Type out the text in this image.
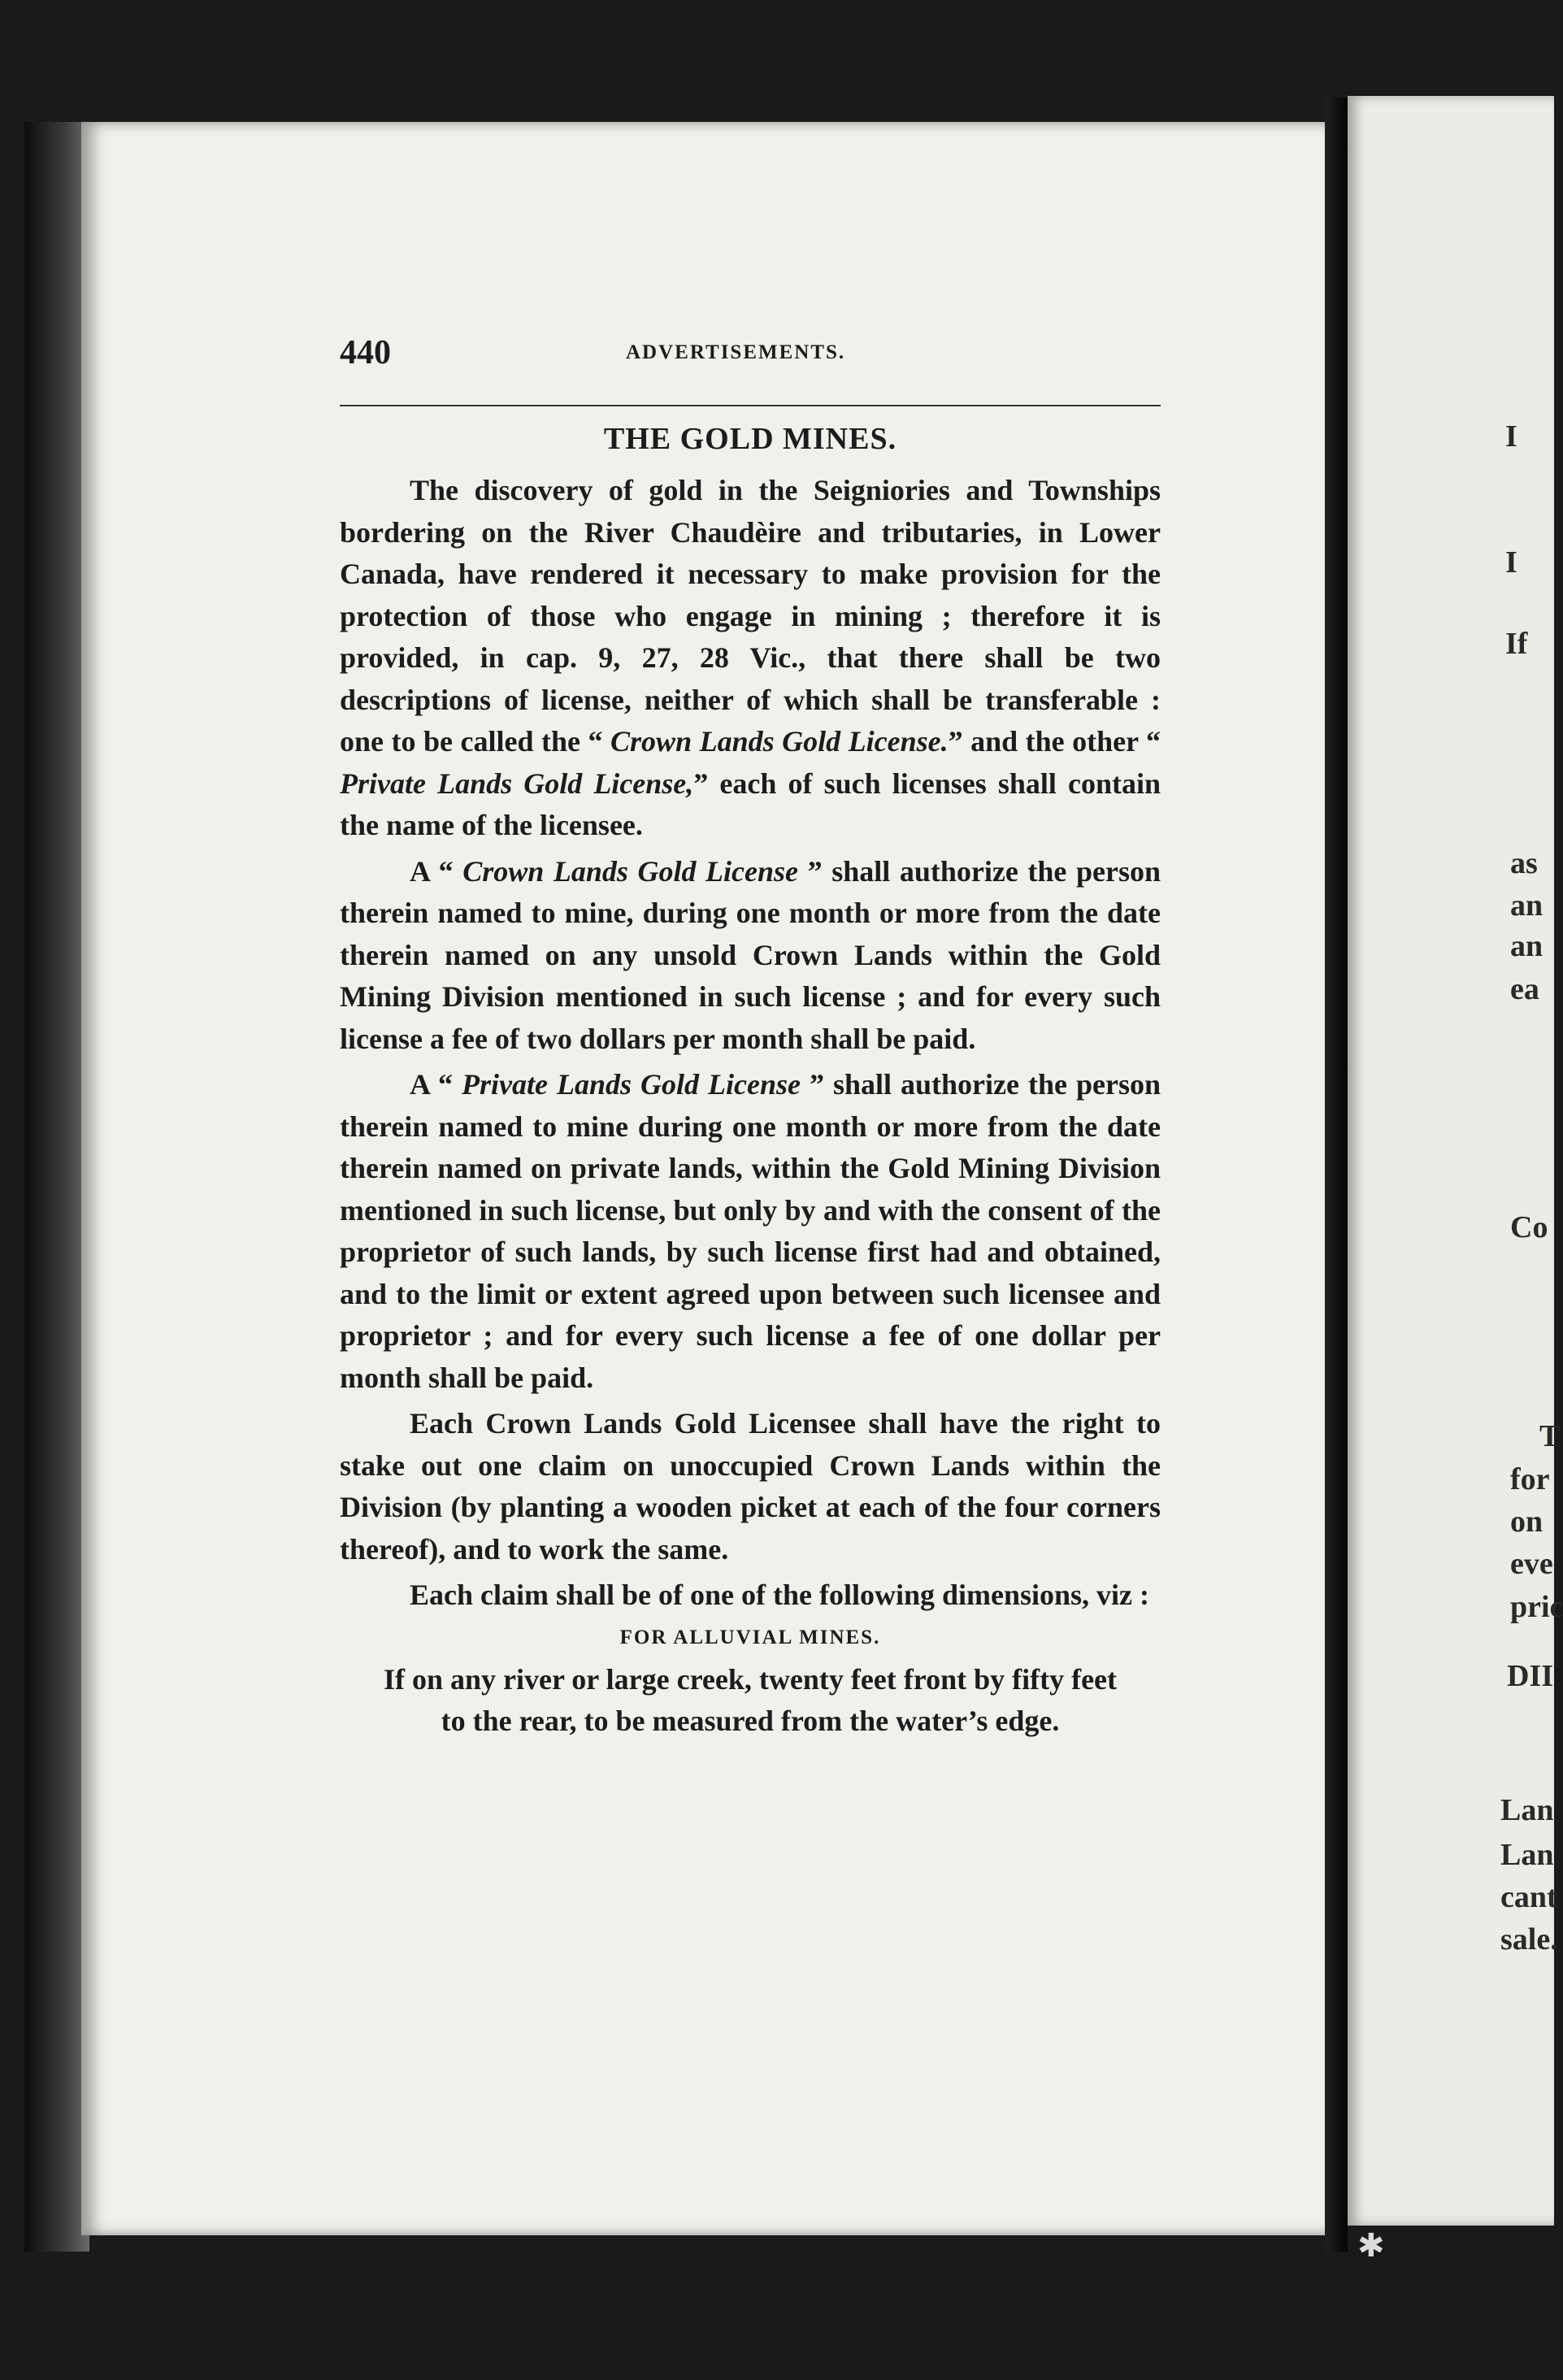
I
I
If
as
an
an
ea
Co
T
for
on
eve
pric
DII
Lan
Lan
cant
sale.
✱
440	ADVERTISEMENTS.
THE GOLD MINES.

The discovery of gold in the Seigniories and Townships bordering on the River Chaudèire and tributaries, in Lower Canada, have rendered it necessary to make provision for the protection of those who engage in mining ; therefore it is provided, in cap. 9, 27, 28 Vic., that there shall be two descriptions of license, neither of which shall be transferable : one to be called the “ Crown Lands Gold License.” and the other “ Private Lands Gold License,” each of such licenses shall contain the name of the licensee.

A “ Crown Lands Gold License ” shall authorize the person therein named to mine, during one month or more from the date therein named on any unsold Crown Lands within the Gold Mining Division mentioned in such license ; and for every such license a fee of two dollars per month shall be paid.

A “ Private Lands Gold License ” shall authorize the person therein named to mine during one month or more from the date therein named on private lands, within the Gold Mining Division mentioned in such license, but only by and with the consent of the proprietor of such lands, by such license first had and obtained, and to the limit or extent agreed upon between such licensee and proprietor ; and for every such license a fee of one dollar per month shall be paid.

Each Crown Lands Gold Licensee shall have the right to stake out one claim on unoccupied Crown Lands within the Division (by planting a wooden picket at each of the four corners thereof), and to work the same.

Each claim shall be of one of the following dimensions, viz :

FOR ALLUVIAL MINES.
If on any river or large creek, twenty feet front by fifty feet
to the rear, to be measured from the water’s edge.
